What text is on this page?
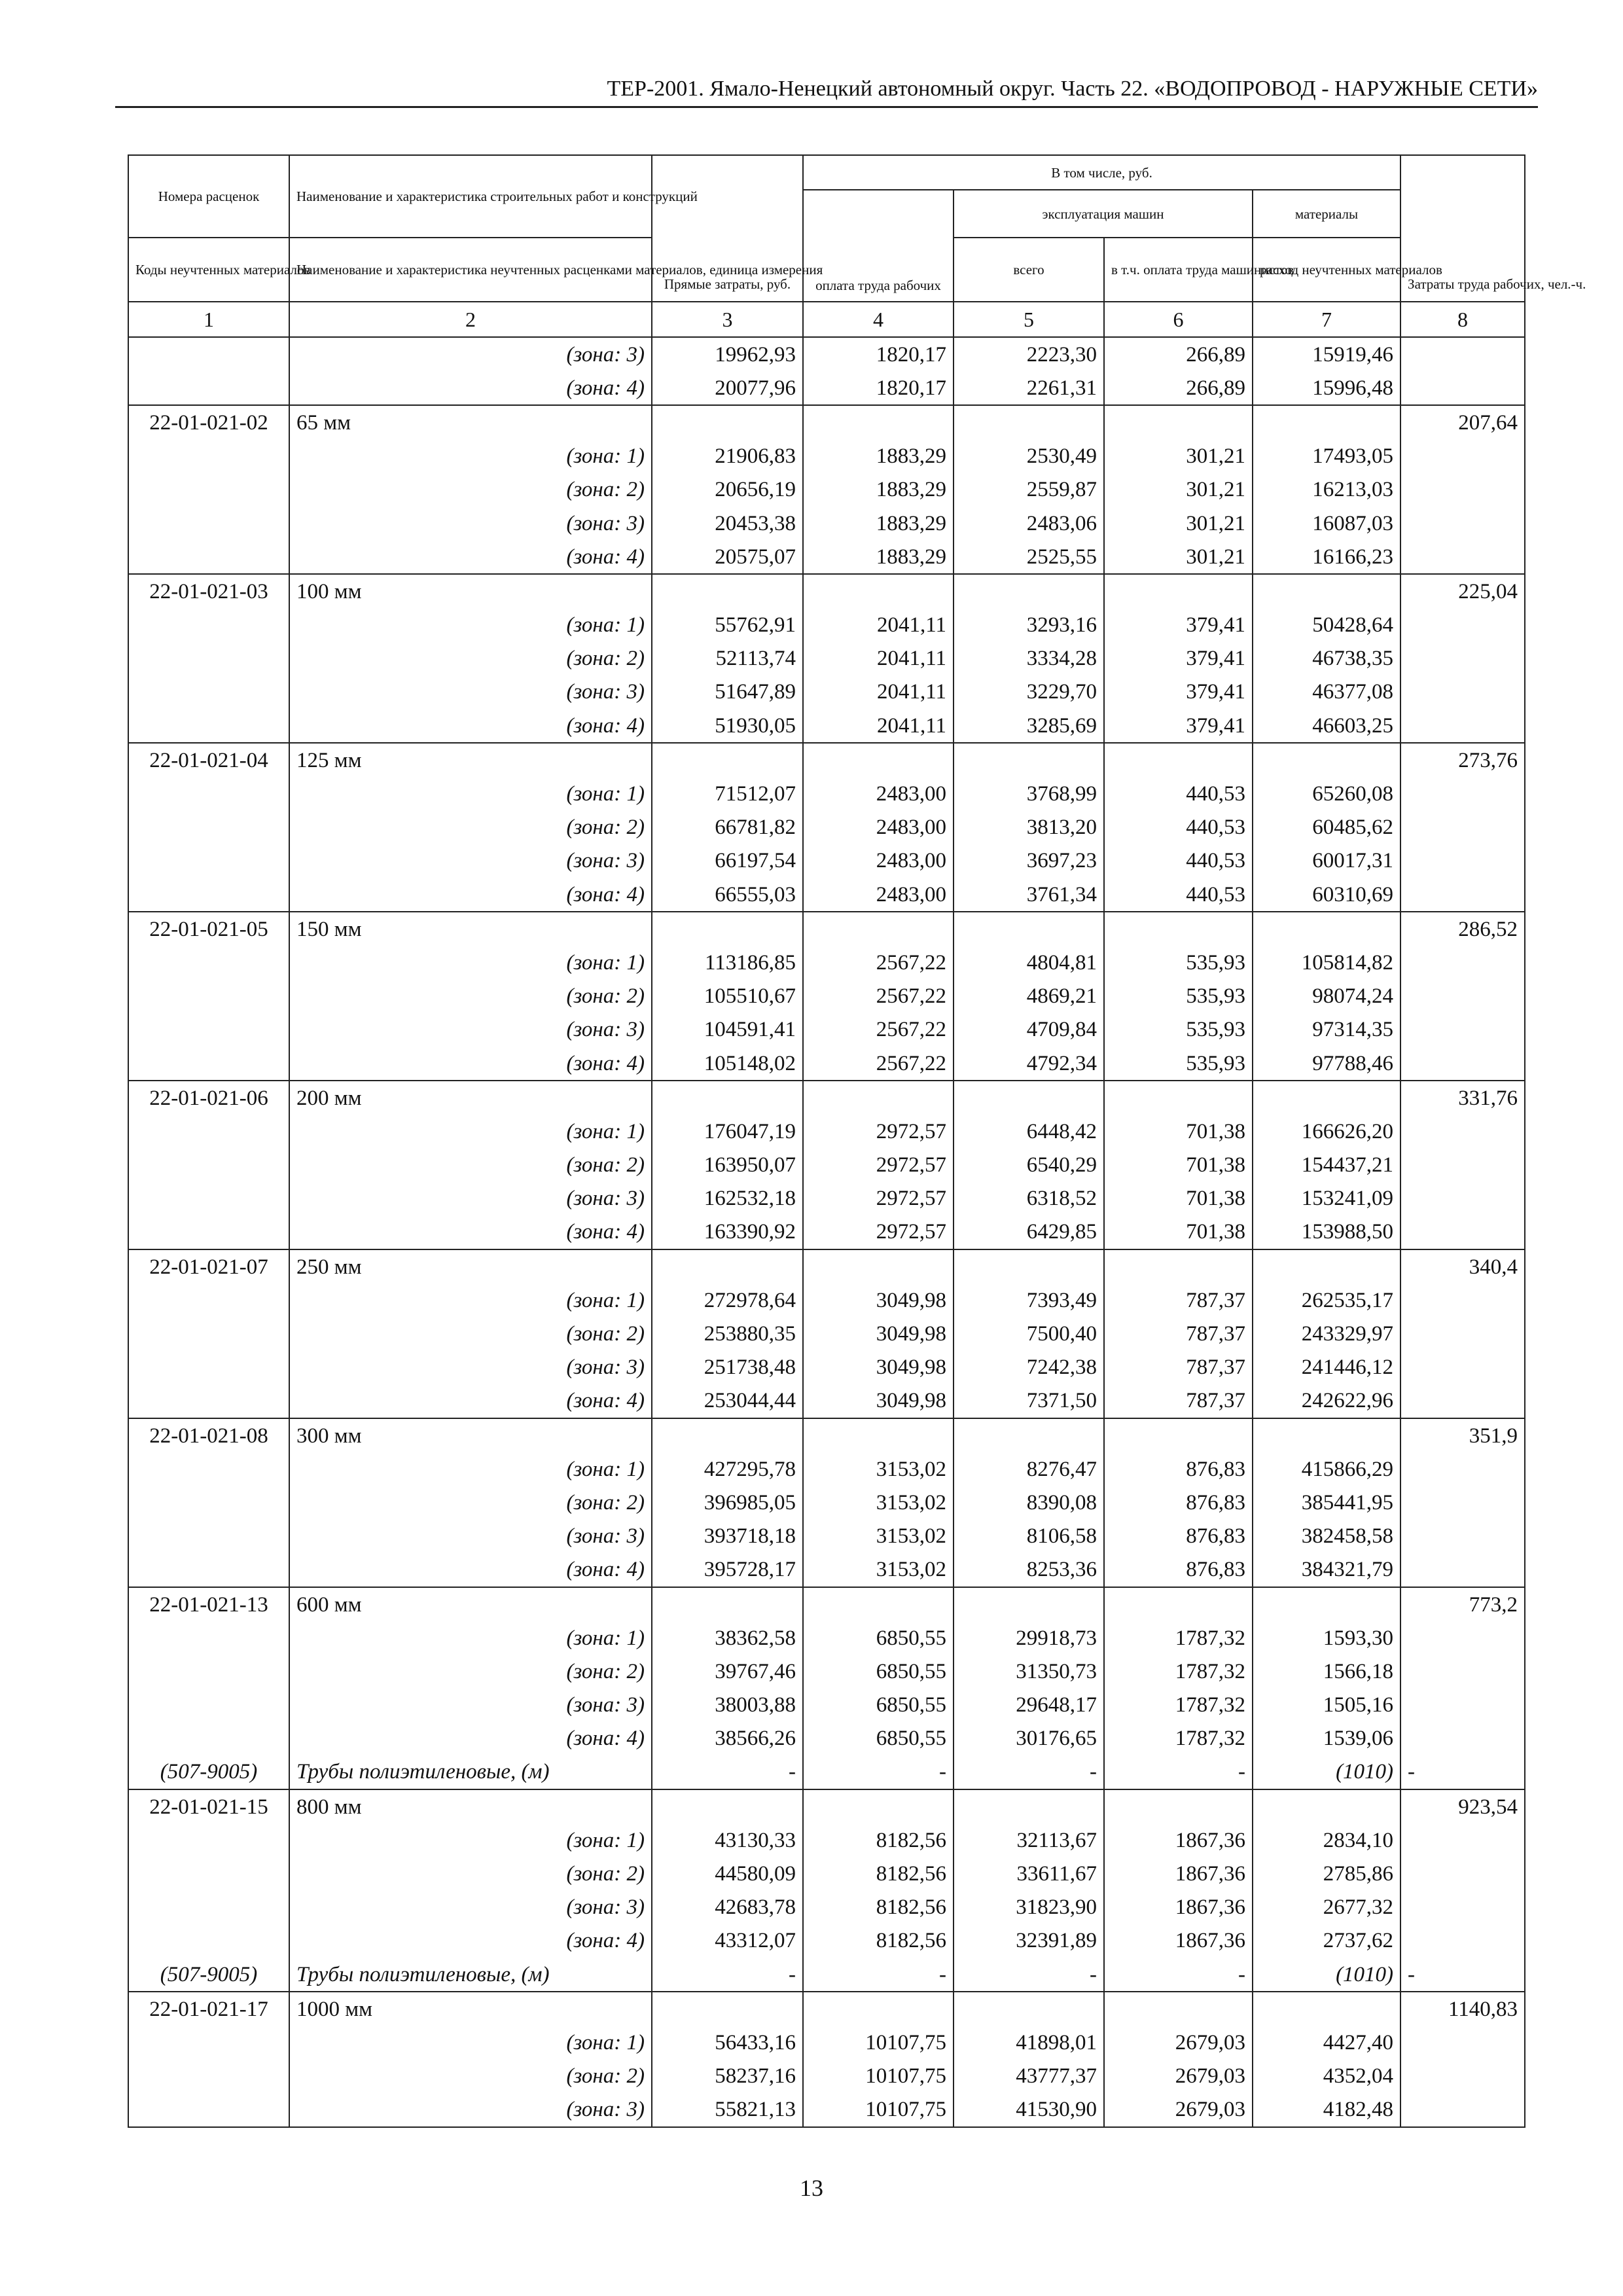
ТЕР-2001. Ямало-Ненецкий автономный округ. Часть 22. «ВОДОПРОВОД - НАРУЖНЫЕ СЕТИ»
Номера расценок	Наименование и характеристика строительных работ и конструкций	Прямые затраты, руб.	В том числе, руб.				Затраты труда рабочих, чел.-ч.
			оплата труда рабочих	эксплуатация машин		материалы	
Коды неучтенных материалов	Наименование и характеристика неучтенных расценками материалов, единица измерения			всего	в т.ч. оплата труда машинистов	расход неучтенных материалов	
1	2	3	4	5	6	7	8
	(зона: 3)	19962,93	1820,17	2223,30	266,89	15919,46	
	(зона: 4)	20077,96	1820,17	2261,31	266,89	15996,48	
22-01-021-02	65 мм						207,64
	(зона: 1)	21906,83	1883,29	2530,49	301,21	17493,05	
	(зона: 2)	20656,19	1883,29	2559,87	301,21	16213,03	
	(зона: 3)	20453,38	1883,29	2483,06	301,21	16087,03	
	(зона: 4)	20575,07	1883,29	2525,55	301,21	16166,23	
22-01-021-03	100 мм						225,04
	(зона: 1)	55762,91	2041,11	3293,16	379,41	50428,64	
	(зона: 2)	52113,74	2041,11	3334,28	379,41	46738,35	
	(зона: 3)	51647,89	2041,11	3229,70	379,41	46377,08	
	(зона: 4)	51930,05	2041,11	3285,69	379,41	46603,25	
22-01-021-04	125 мм						273,76
	(зона: 1)	71512,07	2483,00	3768,99	440,53	65260,08	
	(зона: 2)	66781,82	2483,00	3813,20	440,53	60485,62	
	(зона: 3)	66197,54	2483,00	3697,23	440,53	60017,31	
	(зона: 4)	66555,03	2483,00	3761,34	440,53	60310,69	
22-01-021-05	150 мм						286,52
	(зона: 1)	113186,85	2567,22	4804,81	535,93	105814,82	
	(зона: 2)	105510,67	2567,22	4869,21	535,93	98074,24	
	(зона: 3)	104591,41	2567,22	4709,84	535,93	97314,35	
	(зона: 4)	105148,02	2567,22	4792,34	535,93	97788,46	
22-01-021-06	200 мм						331,76
	(зона: 1)	176047,19	2972,57	6448,42	701,38	166626,20	
	(зона: 2)	163950,07	2972,57	6540,29	701,38	154437,21	
	(зона: 3)	162532,18	2972,57	6318,52	701,38	153241,09	
	(зона: 4)	163390,92	2972,57	6429,85	701,38	153988,50	
22-01-021-07	250 мм						340,4
	(зона: 1)	272978,64	3049,98	7393,49	787,37	262535,17	
	(зона: 2)	253880,35	3049,98	7500,40	787,37	243329,97	
	(зона: 3)	251738,48	3049,98	7242,38	787,37	241446,12	
	(зона: 4)	253044,44	3049,98	7371,50	787,37	242622,96	
22-01-021-08	300 мм						351,9
	(зона: 1)	427295,78	3153,02	8276,47	876,83	415866,29	
	(зона: 2)	396985,05	3153,02	8390,08	876,83	385441,95	
	(зона: 3)	393718,18	3153,02	8106,58	876,83	382458,58	
	(зона: 4)	395728,17	3153,02	8253,36	876,83	384321,79	
22-01-021-13	600 мм						773,2
	(зона: 1)	38362,58	6850,55	29918,73	1787,32	1593,30	
	(зона: 2)	39767,46	6850,55	31350,73	1787,32	1566,18	
	(зона: 3)	38003,88	6850,55	29648,17	1787,32	1505,16	
	(зона: 4)	38566,26	6850,55	30176,65	1787,32	1539,06	
(507-9005)	Трубы полиэтиленовые, (м)	-	-	-	-	(1010)	-
22-01-021-15	800 мм						923,54
	(зона: 1)	43130,33	8182,56	32113,67	1867,36	2834,10	
	(зона: 2)	44580,09	8182,56	33611,67	1867,36	2785,86	
	(зона: 3)	42683,78	8182,56	31823,90	1867,36	2677,32	
	(зона: 4)	43312,07	8182,56	32391,89	1867,36	2737,62	
(507-9005)	Трубы полиэтиленовые, (м)	-	-	-	-	(1010)	-
22-01-021-17	1000 мм						1140,83
	(зона: 1)	56433,16	10107,75	41898,01	2679,03	4427,40	
	(зона: 2)	58237,16	10107,75	43777,37	2679,03	4352,04	
	(зона: 3)	55821,13	10107,75	41530,90	2679,03	4182,48	
13
